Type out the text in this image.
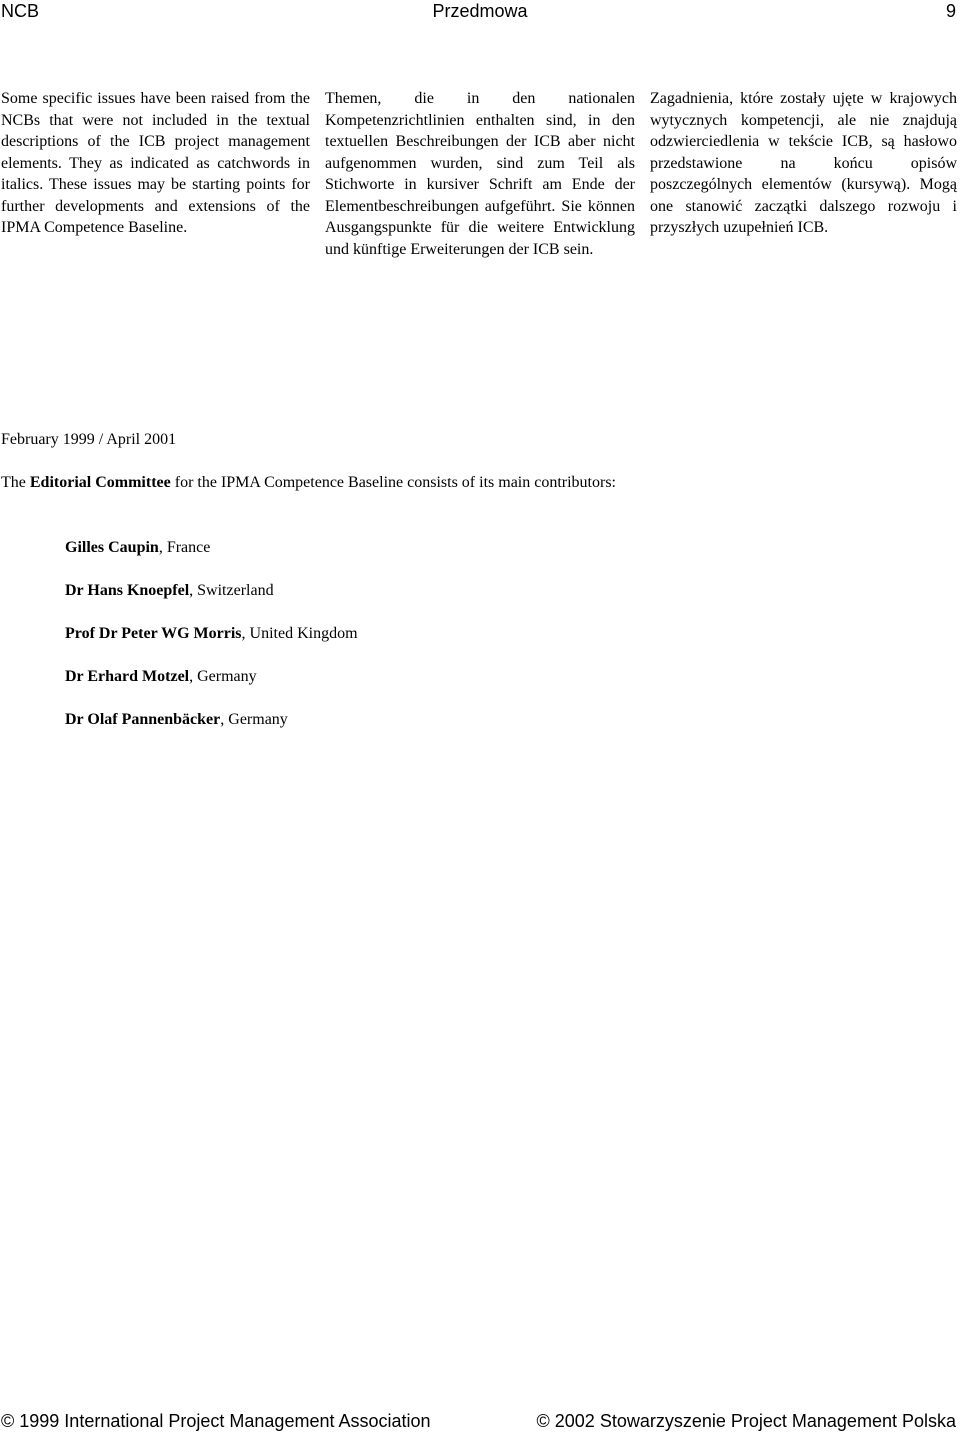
NCB	Przedmowa	9
Some specific issues have been raised from the NCBs that were not included in the textual descriptions of the ICB project management elements. They as indicated as catchwords in italics. These issues may be starting points for further developments and extensions of the IPMA Competence Baseline.
Themen, die in den nationalen Kompetenzrichtlinien enthalten sind, in den textuellen Beschreibungen der ICB aber nicht aufgenommen wurden, sind zum Teil als Stichworte in kursiver Schrift am Ende der Elementbeschreibungen aufgeführt. Sie können Ausgangspunkte für die weitere Entwicklung und künftige Erweiterungen der ICB sein.
Zagadnienia, które zostały ujęte w krajowych wytycznych kompetencji, ale nie znajdują odzwierciedlenia w tekście ICB, są hasłowo przedstawione na końcu opisów poszczególnych elementów (kursywą). Mogą one stanowić zaczątki dalszego rozwoju i przyszłych uzupełnień ICB.
February 1999 / April 2001
The Editorial Committee for the IPMA Competence Baseline consists of its main contributors:
Gilles Caupin, France
Dr Hans Knoepfel, Switzerland
Prof Dr Peter WG Morris, United Kingdom
Dr Erhard Motzel, Germany
Dr Olaf Pannenbäcker, Germany
© 1999 International Project Management Association	© 2002 Stowarzyszenie Project Management Polska
